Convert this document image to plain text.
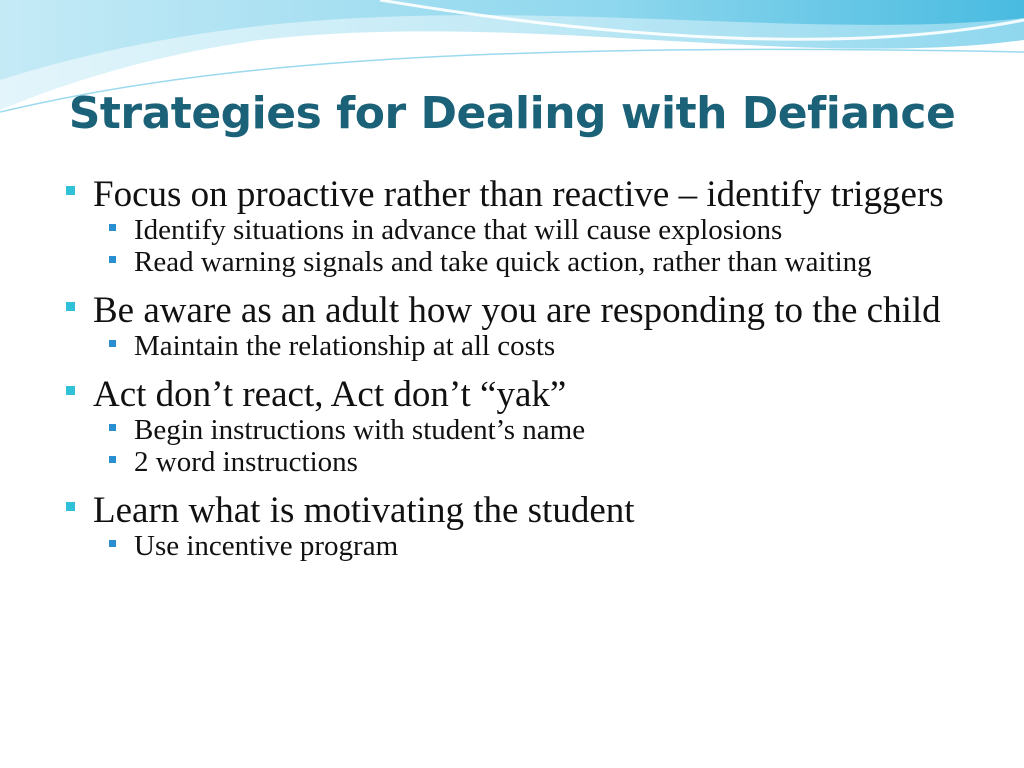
Strategies for Dealing with Defiance

Focus on proactive rather than reactive – identify triggers

Identify situations in advance that will cause explosions

Read warning signals and take quick action, rather than waiting

Be aware as an adult how you are responding to the child

Maintain the relationship at all costs

Act don’t react, Act don’t “yak”

Begin instructions with student’s name

2 word instructions

Learn what is motivating the student

Use incentive program
